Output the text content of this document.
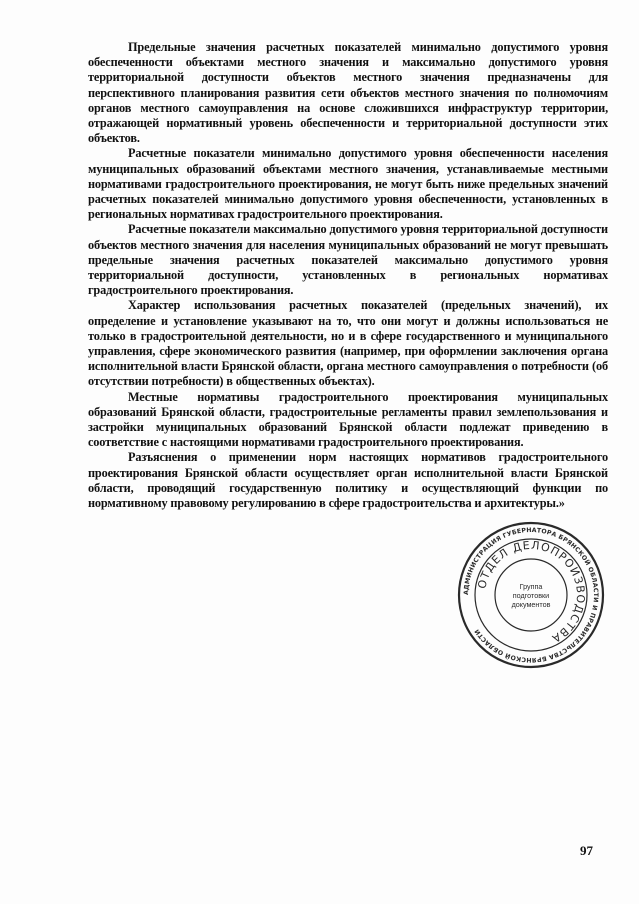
Предельные значения расчетных показателей минимально допустимого уровня обеспеченности объектами местного значения и максимально допустимого уровня территориальной доступности объектов местного значения предназначены для перспективного планирования развития сети объектов местного значения по полномочиям органов местного самоуправления на основе сложившихся инфраструктур территории, отражающей нормативный уровень обеспеченности и территориальной доступности этих объектов.

Расчетные показатели минимально допустимого уровня обеспеченности населения муниципальных образований объектами местного значения, устанавливаемые местными нормативами градостроительного проектирования, не могут быть ниже предельных значений расчетных показателей минимально допустимого уровня обеспеченности, установленных в региональных нормативах градостроительного проектирования.

Расчетные показатели максимально допустимого уровня территориальной доступности объектов местного значения для населения муниципальных образований не могут превышать предельные значения расчетных показателей максимально допустимого уровня территориальной доступности, установленных в региональных нормативах градостроительного проектирования.

Характер использования расчетных показателей (предельных значений), их определение и установление указывают на то, что они могут и должны использоваться не только в градостроительной деятельности, но и в сфере государственного и муниципального управления, сфере экономического развития (например, при оформлении заключения органа исполнительной власти Брянской области, органа местного самоуправления о потребности (об отсутствии потребности) в общественных объектах).

Местные нормативы градостроительного проектирования муниципальных образований Брянской области, градостроительные регламенты правил землепользования и застройки муниципальных образований Брянской области подлежат приведению в соответствие с настоящими нормативами градостроительного проектирования.

Разъяснения о применении норм настоящих нормативов градостроительного проектирования Брянской области осуществляет орган исполнительной власти Брянской области, проводящий государственную политику и осуществляющий функции по нормативному правовому регулированию в сфере градостроительства и архитектуры.»

АДМИНИСТРАЦИЯ ГУБЕРНАТОРА БРЯНСКОЙ ОБЛАСТИ И ПРАВИТЕЛЬСТВА БРЯНСКОЙ ОБЛАСТИ
ОТДЕЛ ДЕЛОПРОИЗВОДСТВА
Группа
подготовки
документов
97
